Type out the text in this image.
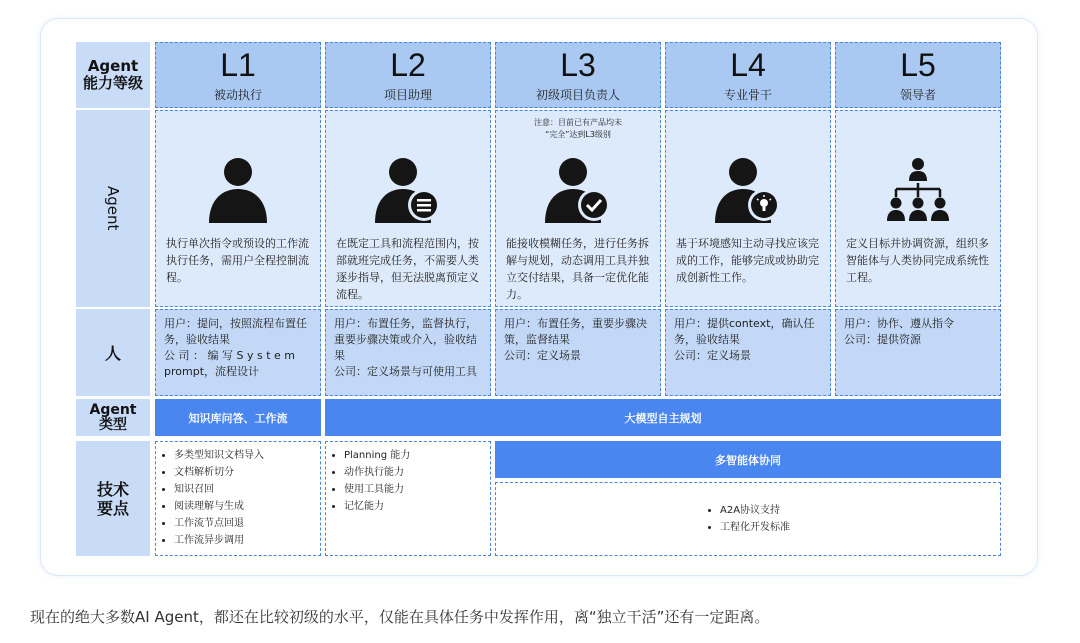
Agent
能力等级
L1
被动执行
L2
项目助理
L3
初级项目负责人
L4
专业骨干
L5
领导者
Agent
执行单次指令或预设的工作流执行任务，需用户全程控制流程。
在既定工具和流程范围内，按部就班完成任务，不需要人类逐步指导，但无法脱离预定义流程。
注意：目前已有产品均未
“完全”达到L3级别
能接收模糊任务，进行任务拆解与规划，动态调用工具并独立交付结果，具备一定优化能力。
基于环境感知主动寻找应该完成的工作，能够完成或协助完成创新性工作。
定义目标并协调资源，组织多智能体与人类协同完成系统性工程。
人
用户：提问，按照流程布置任务，验收结果
公 司 ： 编 写 S y s t e m prompt，流程设计
用户：布置任务，监督执行，重要步骤决策或介入，验收结果
公司：定义场景与可使用工具
用户：布置任务，重要步骤决策，监督结果
公司：定义场景
用户：提供context，确认任务，验收结果
公司：定义场景
用户：协作、遵从指令
公司：提供资源
Agent
类型	知识库问答、工作流	大模型自主规划
技术
要点
• 多类型知识文档导入
• 文档解析切分
• 知识召回
• 阅读理解与生成
• 工作流节点回退
• 工作流异步调用
• Planning 能力
• 动作执行能力
• 使用工具能力
• 记忆能力
多智能体协同
• A2A协议支持
• 工程化开发标准
现在的绝大多数AI Agent，都还在比较初级的水平，仅能在具体任务中发挥作用，离“独立干活”还有一定距离。
